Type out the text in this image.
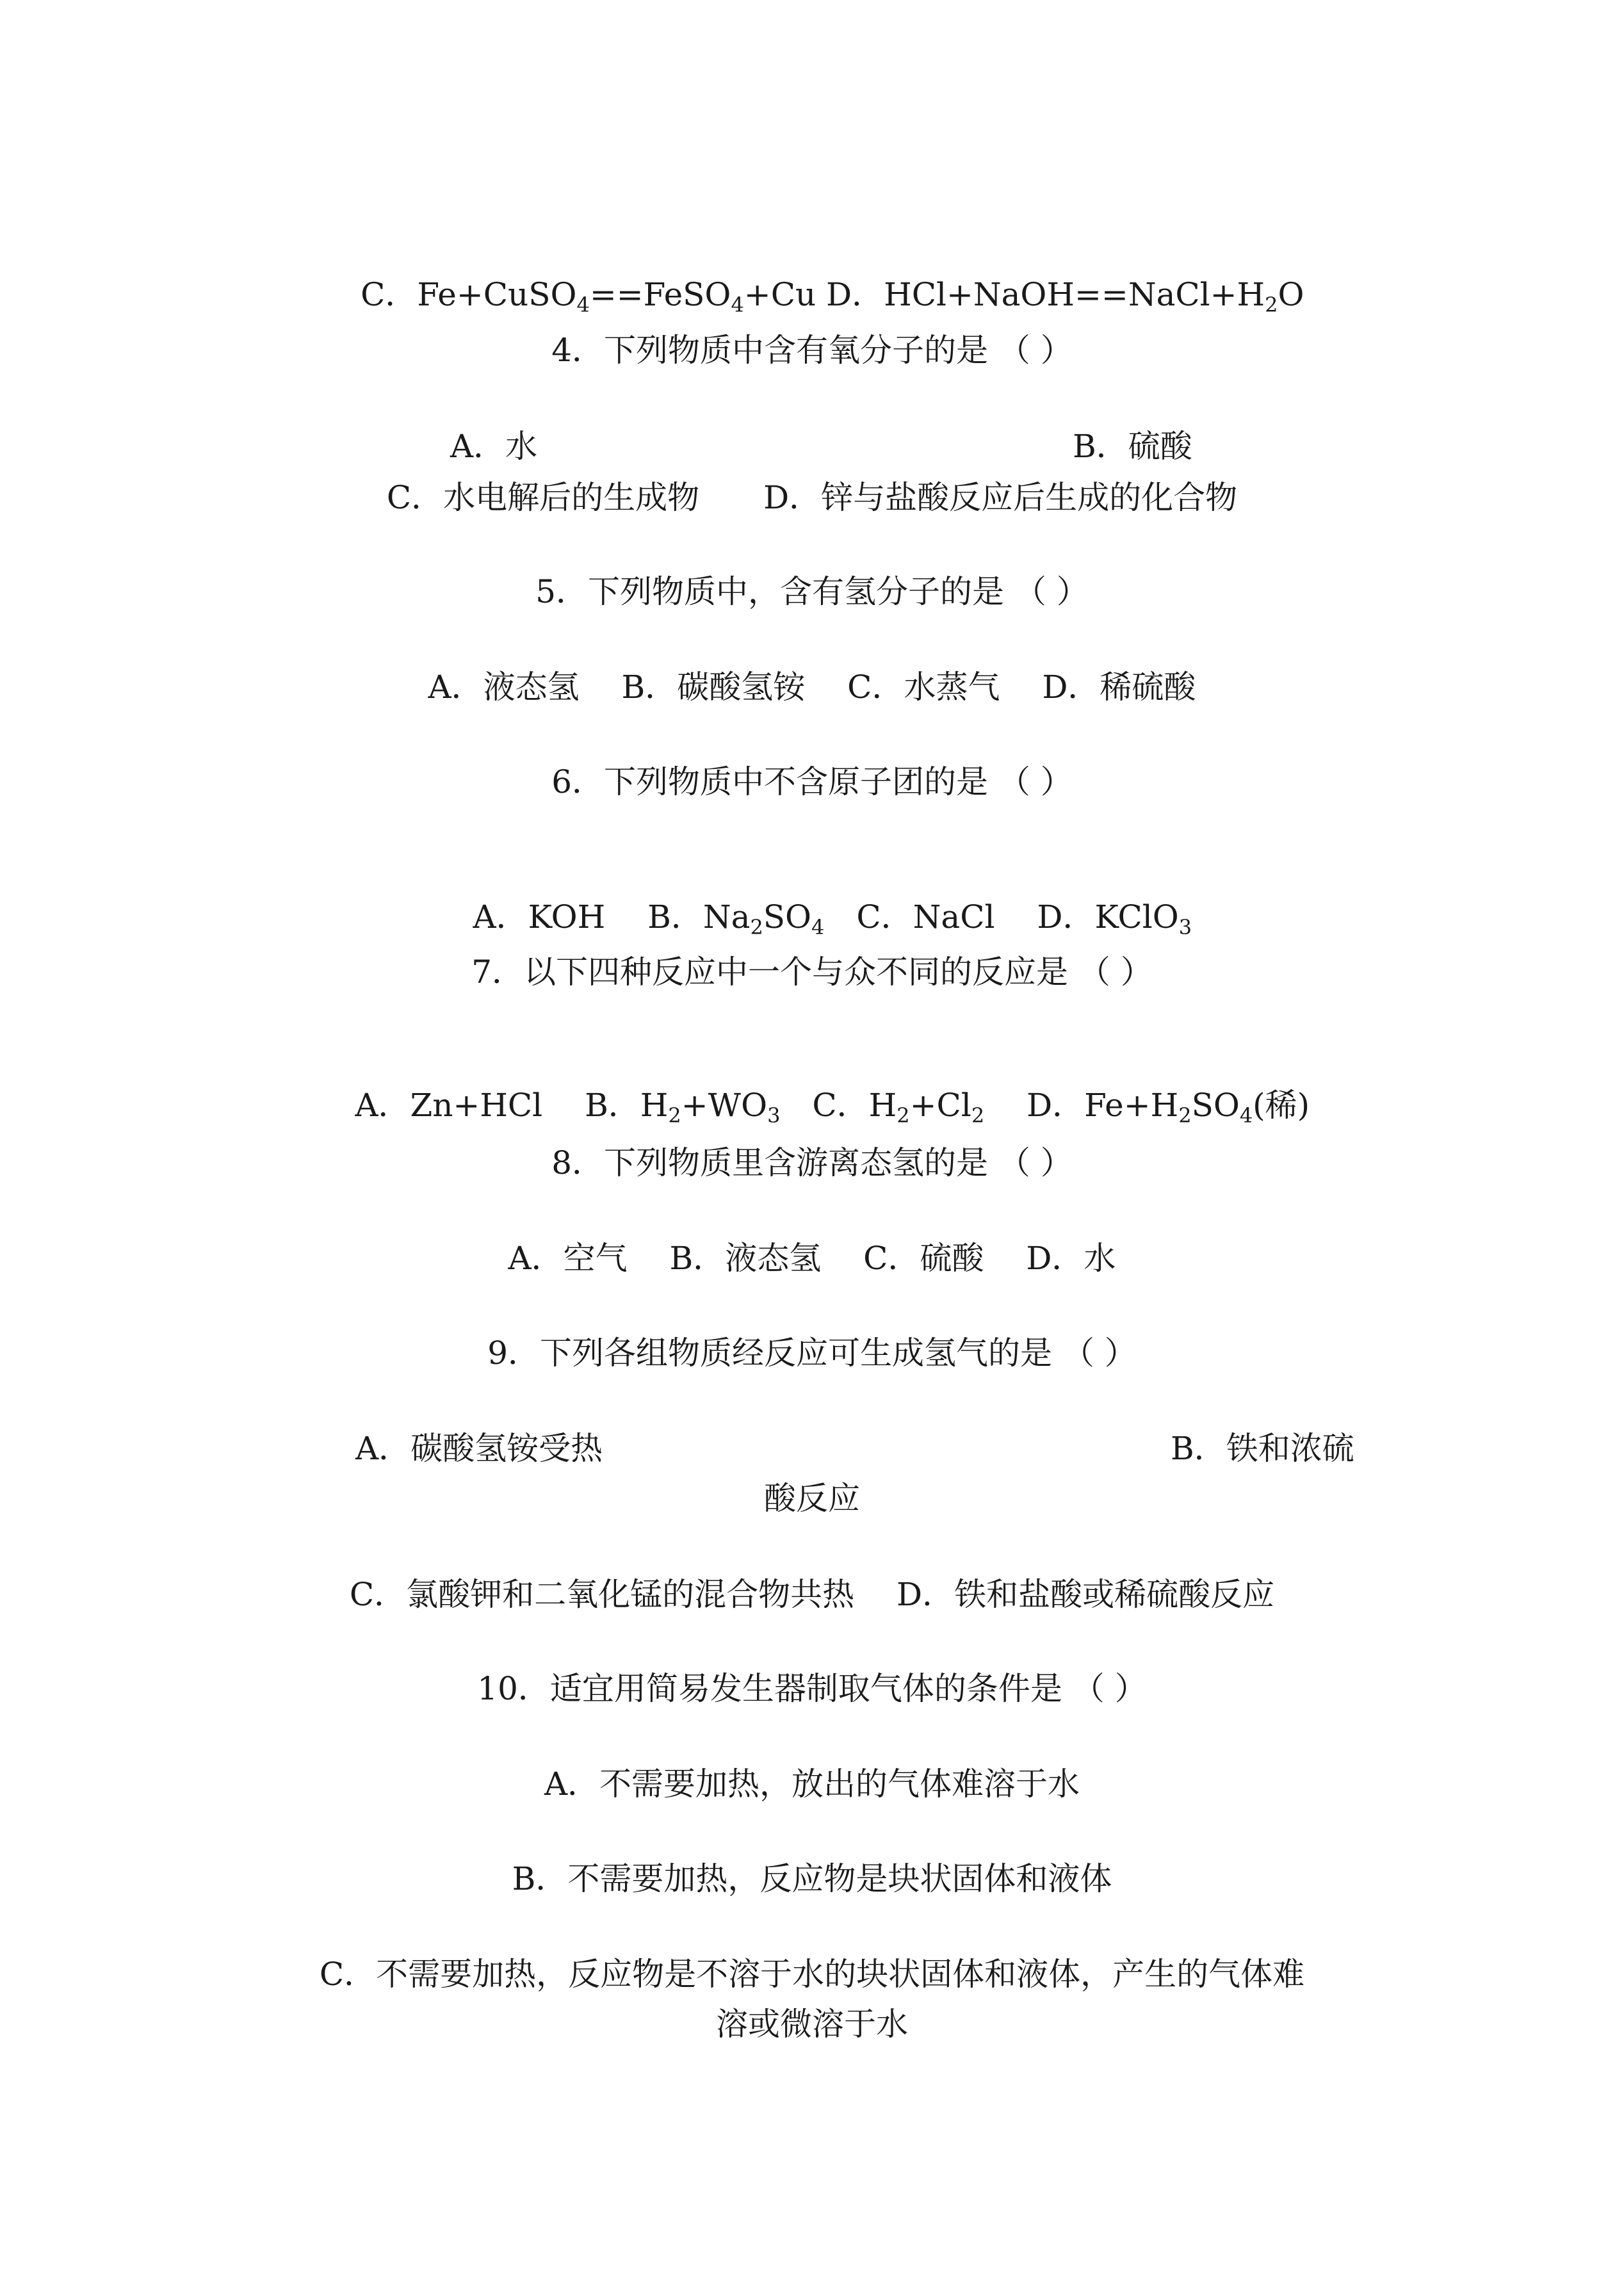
C．Fe+CuSO$_4$==FeSO$_4$+Cu D．$HCl+NaOH==NaCl+H_2O$

4．下列物质中含有氧分子的是 （ ）
A．水	B．硫酸
C．水电解后的生成物　　D．锌与盐酸反应后生成的化合物
5．下列物质中，含有氢分子的是 （ ）
A．液态氢　 B．碳酸氢铵　 C．水蒸气　 D．稀硫酸
6．下列物质中不含原子团的是 （ ）

A．KOH　 B．$Na_2SO_4$　C．NaCl　 D．KClO$_3$

7．以下四种反应中一个与众不同的反应是 （ ）

A．Zn+HCl　 B．$H_2+WO_3$　C．$H_2+Cl_2$　 D．$Fe+H_2SO_4$(稀)

8．下列物质里含游离态氢的是 （ ）
A．空气　 B．液态氢　 C．硫酸　 D．水
9．下列各组物质经反应可生成氢气的是 （ ）
A．碳酸氢铵受热	B．铁和浓硫
酸反应
C．氯酸钾和二氧化锰的混合物共热　 D．铁和盐酸或稀硫酸反应
10．适宜用简易发生器制取气体的条件是 （ ）
A．不需要加热，放出的气体难溶于水
B．不需要加热，反应物是块状固体和液体
C．不需要加热，反应物是不溶于水的块状固体和液体，产生的气体难
溶或微溶于水
